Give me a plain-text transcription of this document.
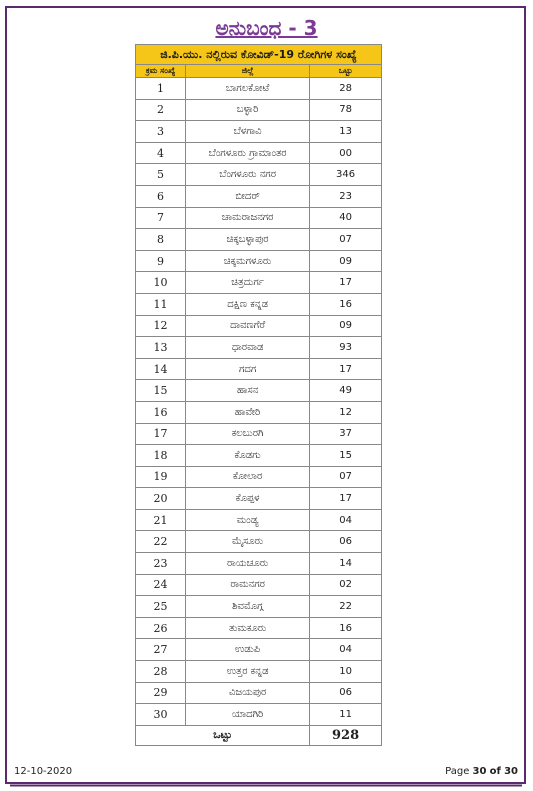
ಅನುಬಂಧ - 3
ಜಿ.ಪಿ.ಯು. ನಲ್ಲಿರುವ ಕೋವಿಡ್-19 ರೋಗಿಗಳ ಸಂಖ್ಯೆ		
ಕ್ರಮ ಸಂಖ್ಯೆ	ಜಿಲ್ಲೆ	ಒಟ್ಟು
1	ಬಾಗಲಕೋಟೆ	28
2	ಬಳ್ಳಾರಿ	78
3	ಬೆಳಗಾವಿ	13
4	ಬೆಂಗಳೂರು ಗ್ರಾಮಾಂತರ	00
5	ಬೆಂಗಳೂರು ನಗರ	346
6	ಬೀದರ್	23
7	ಚಾಮರಾಜನಗರ	40
8	ಚಿಕ್ಕಬಳ್ಳಾಪುರ	07
9	ಚಿಕ್ಕಮಗಳೂರು	09
10	ಚಿತ್ರದುರ್ಗ	17
11	ದಕ್ಷಿಣ ಕನ್ನಡ	16
12	ದಾವಣಗೆರೆ	09
13	ಧಾರವಾಡ	93
14	ಗದಗ	17
15	ಹಾಸನ	49
16	ಹಾವೇರಿ	12
17	ಕಲಬುರಗಿ	37
18	ಕೊಡಗು	15
19	ಕೋಲಾರ	07
20	ಕೊಪ್ಪಳ	17
21	ಮಂಡ್ಯ	04
22	ಮೈಸೂರು	06
23	ರಾಯಚೂರು	14
24	ರಾಮನಗರ	02
25	ಶಿವಮೊಗ್ಗ	22
26	ತುಮಕೂರು	16
27	ಉಡುಪಿ	04
28	ಉತ್ತರ ಕನ್ನಡ	10
29	ವಿಜಯಪುರ	06
30	ಯಾದಗಿರಿ	11
ಒಟ್ಟು		928
12-10-2020	Page 30 of 30
